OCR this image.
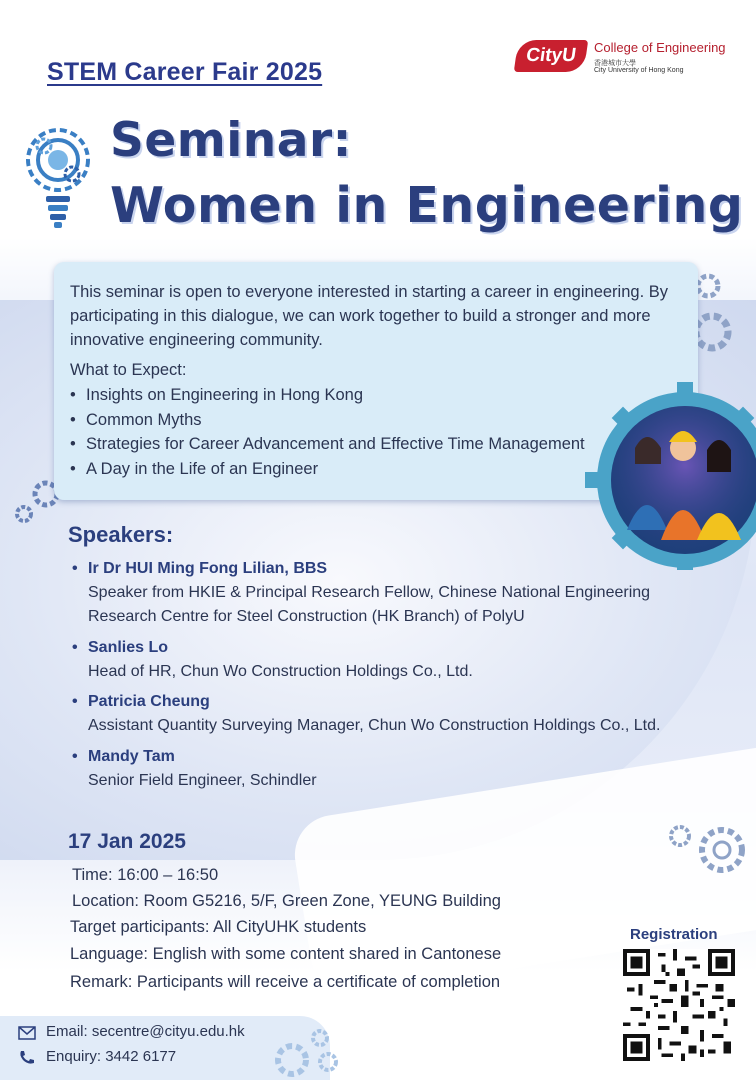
STEM Career Fair 2025
CityU	College of Engineering
香港城市大學
City University of Hong Kong
Seminar:
Women in Engineering
This seminar is open to everyone interested in starting a career in engineering. By participating in this dialogue, we can work together to build a stronger and more innovative engineering community.
What to Expect:
• Insights on Engineering in Hong Kong
• Common Myths
• Strategies for Career Advancement and Effective Time Management
• A Day in the Life of an Engineer
Speakers:
• Ir Dr HUI Ming Fong Lilian, BBS
Speaker from HKIE & Principal Research Fellow, Chinese National Engineering
Research Centre for Steel Construction (HK Branch) of PolyU
• Sanlies Lo
Head of HR, Chun Wo Construction Holdings Co., Ltd.
• Patricia Cheung
Assistant Quantity Surveying Manager, Chun Wo Construction Holdings Co., Ltd.
• Mandy Tam
Senior Field Engineer, Schindler
17 Jan 2025
Time: 16:00 – 16:50
Location: Room G5216, 5/F, Green Zone, YEUNG Building
Target participants: All CityUHK students
Language: English with some content shared in Cantonese
Remark: Participants will receive a certificate of completion
Registration
Email: secentre@cityu.edu.hk
Enquiry: 3442 6177
